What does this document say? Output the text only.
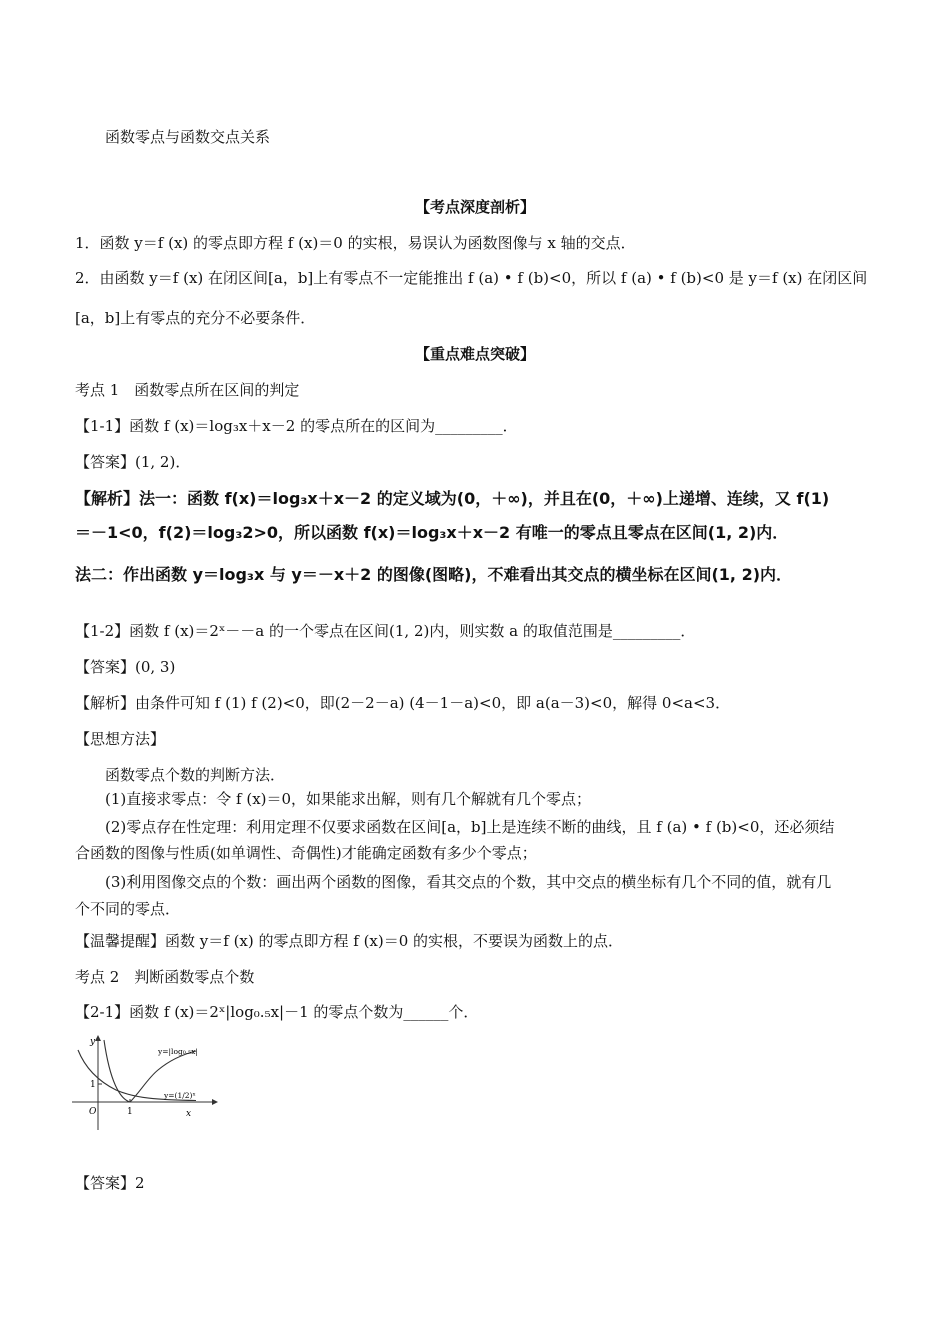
函数零点与函数交点关系

【考点深度剖析】

1．函数 y＝f (x) 的零点即方程 f (x)＝0 的实根，易误认为函数图像与 x 轴的交点．

2．由函数 y＝f (x) 在闭区间[a，b]上有零点不一定能推出 f (a) • f (b)<0，所以 f (a) • f (b)<0 是 y＝f (x) 在闭区间

[a，b]上有零点的充分不必要条件．

【重点难点突破】

考点 1　函数零点所在区间的判定

【1-1】函数 f (x)＝log₃x＋x－2 的零点所在的区间为_________．

【答案】(1, 2)．

【解析】法一：函数 f(x)＝log₃x＋x－2 的定义域为(0，＋∞)，并且在(0，＋∞)上递增、连续，又 f(1)

＝－1<0，f(2)＝log₃2>0，所以函数 f(x)＝log₃x＋x－2 有唯一的零点且零点在区间(1, 2)内．

法二：作出函数 y＝log₃x 与 y＝－x＋2 的图像(图略)，不难看出其交点的横坐标在区间(1, 2)内．

【1-2】函数 f (x)＝2ˣ－－a 的一个零点在区间(1, 2)内，则实数 a 的取值范围是_________．

【答案】(0, 3)

【解析】由条件可知 f (1) f (2)<0，即(2－2－a) (4－1－a)<0，即 a(a－3)<0，解得 0<a<3．

【思想方法】

函数零点个数的判断方法．

(1)直接求零点：令 f (x)＝0，如果能求出解，则有几个解就有几个零点；

(2)零点存在性定理：利用定理不仅要求函数在区间[a，b]上是连续不断的曲线，且 f (a) • f (b)<0，还必须结

合函数的图像与性质(如单调性、奇偶性)才能确定函数有多少个零点；

(3)利用图像交点的个数：画出两个函数的图像，看其交点的个数，其中交点的横坐标有几个不同的值，就有几

个不同的零点．

【温馨提醒】函数 y＝f (x) 的零点即方程 f (x)＝0 的实根，不要误为函数上的点．

考点 2　判断函数零点个数

【2-1】函数 f (x)＝2ˣ|log₀.₅x|－1 的零点个数为______个．

y
x
O
1
1
y=|log₀.₅x|
y=(1/2)ˣ

【答案】2
